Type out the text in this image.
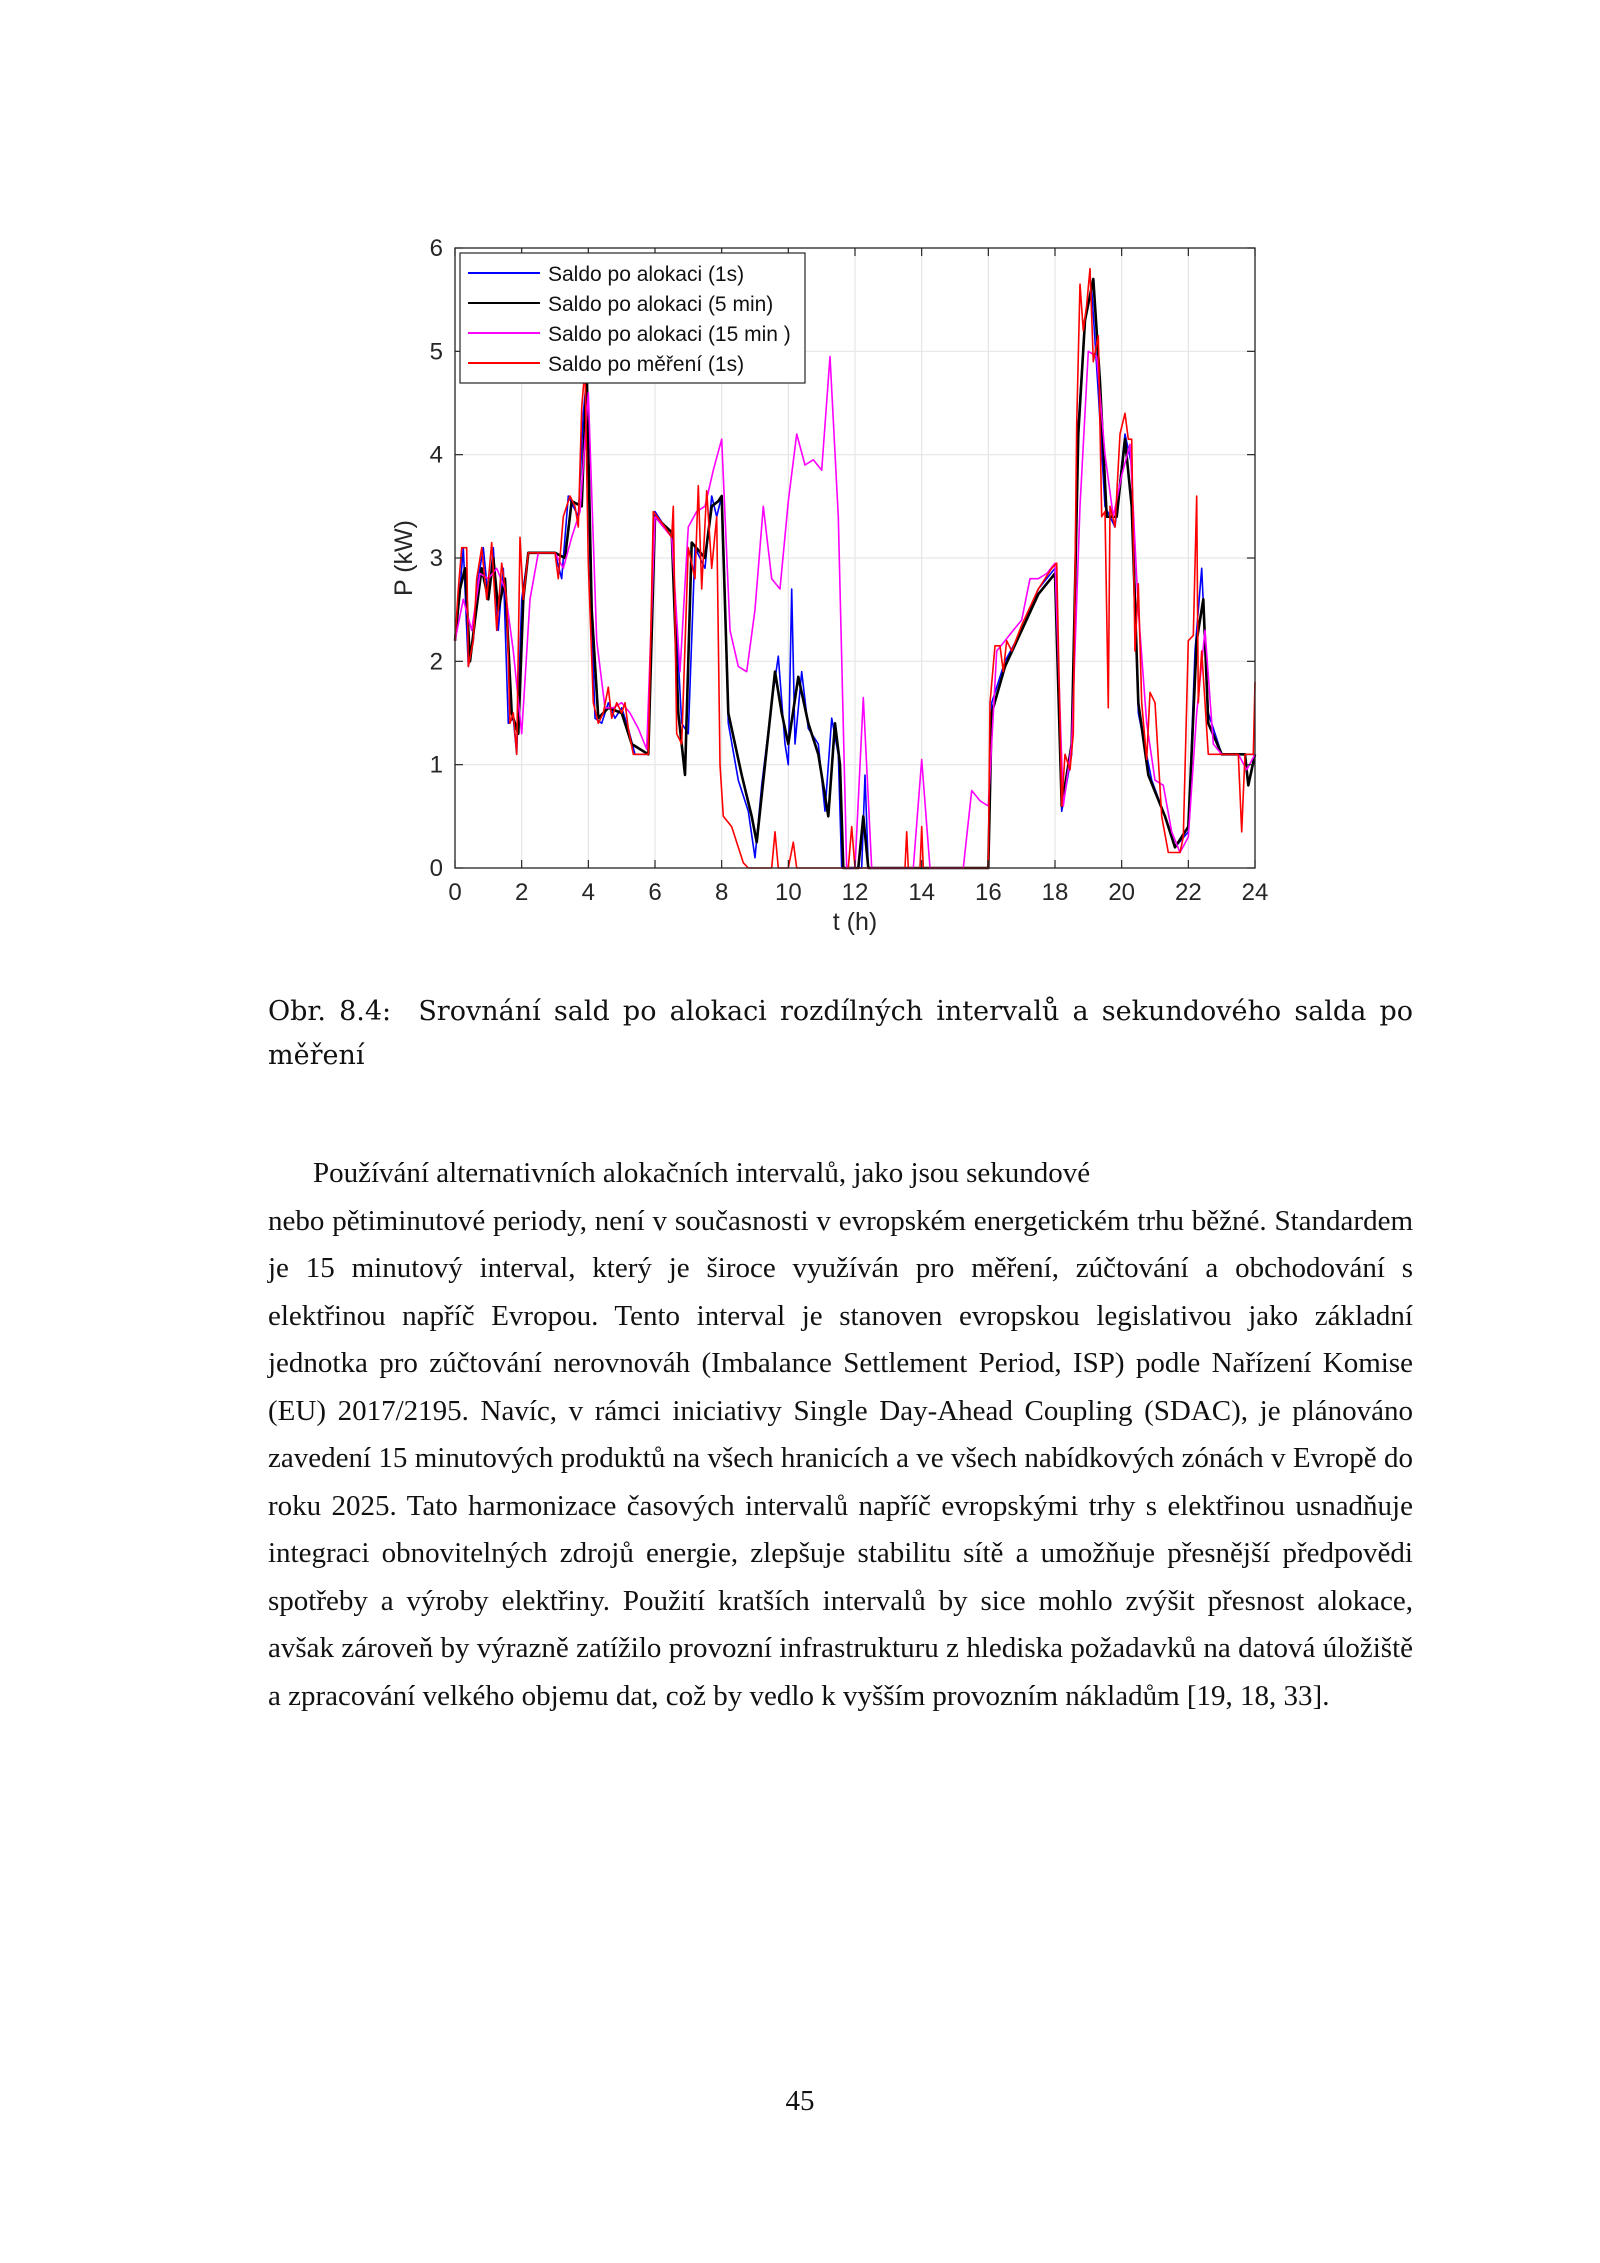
0 2 4 6 8 10 12 14 16 18 20 22 24
0
1
2
3
4
5
6
t (h)
P (kW)
Saldo po alokaci (1s)
Saldo po alokaci (5 min)
Saldo po alokaci (15 min )
Saldo po měření (1s)
Obr. 8.4: Srovnání sald po alokaci rozdílných intervalů a sekundového salda po měření
Používání alternativních alokačních intervalů, jako jsou sekundové
nebo pětiminutové periody, není v současnosti v evropském energetickém trhu běžné. Standardem je 15 minutový interval, který je široce využíván pro měření, zúčtování a obchodování s elektřinou napříč Evropou. Tento interval je stanoven evropskou legislativou jako základní jednotka pro zúčtování nerovnováh (Imbalance Settlement Period, ISP) podle Nařízení Komise (EU) 2017/2195. Navíc, v rámci iniciativy Single Day-Ahead Coupling (SDAC), je plánováno zavedení 15 minutových produktů na všech hranicích a ve všech nabídkových zónách v Evropě do roku 2025. Tato harmonizace časových intervalů napříč evropskými trhy s elektřinou usnadňuje integraci obnovitelných zdrojů energie, zlepšuje stabilitu sítě a umožňuje přesnější předpovědi spotřeby a výroby elektřiny. Použití kratších intervalů by sice mohlo zvýšit přesnost alokace, avšak zároveň by výrazně zatížilo provozní infrastrukturu z hlediska požadavků na datová úložiště a zpracování velkého objemu dat, což by vedlo k vyšším provozním nákladům [19, 18, 33].
45
